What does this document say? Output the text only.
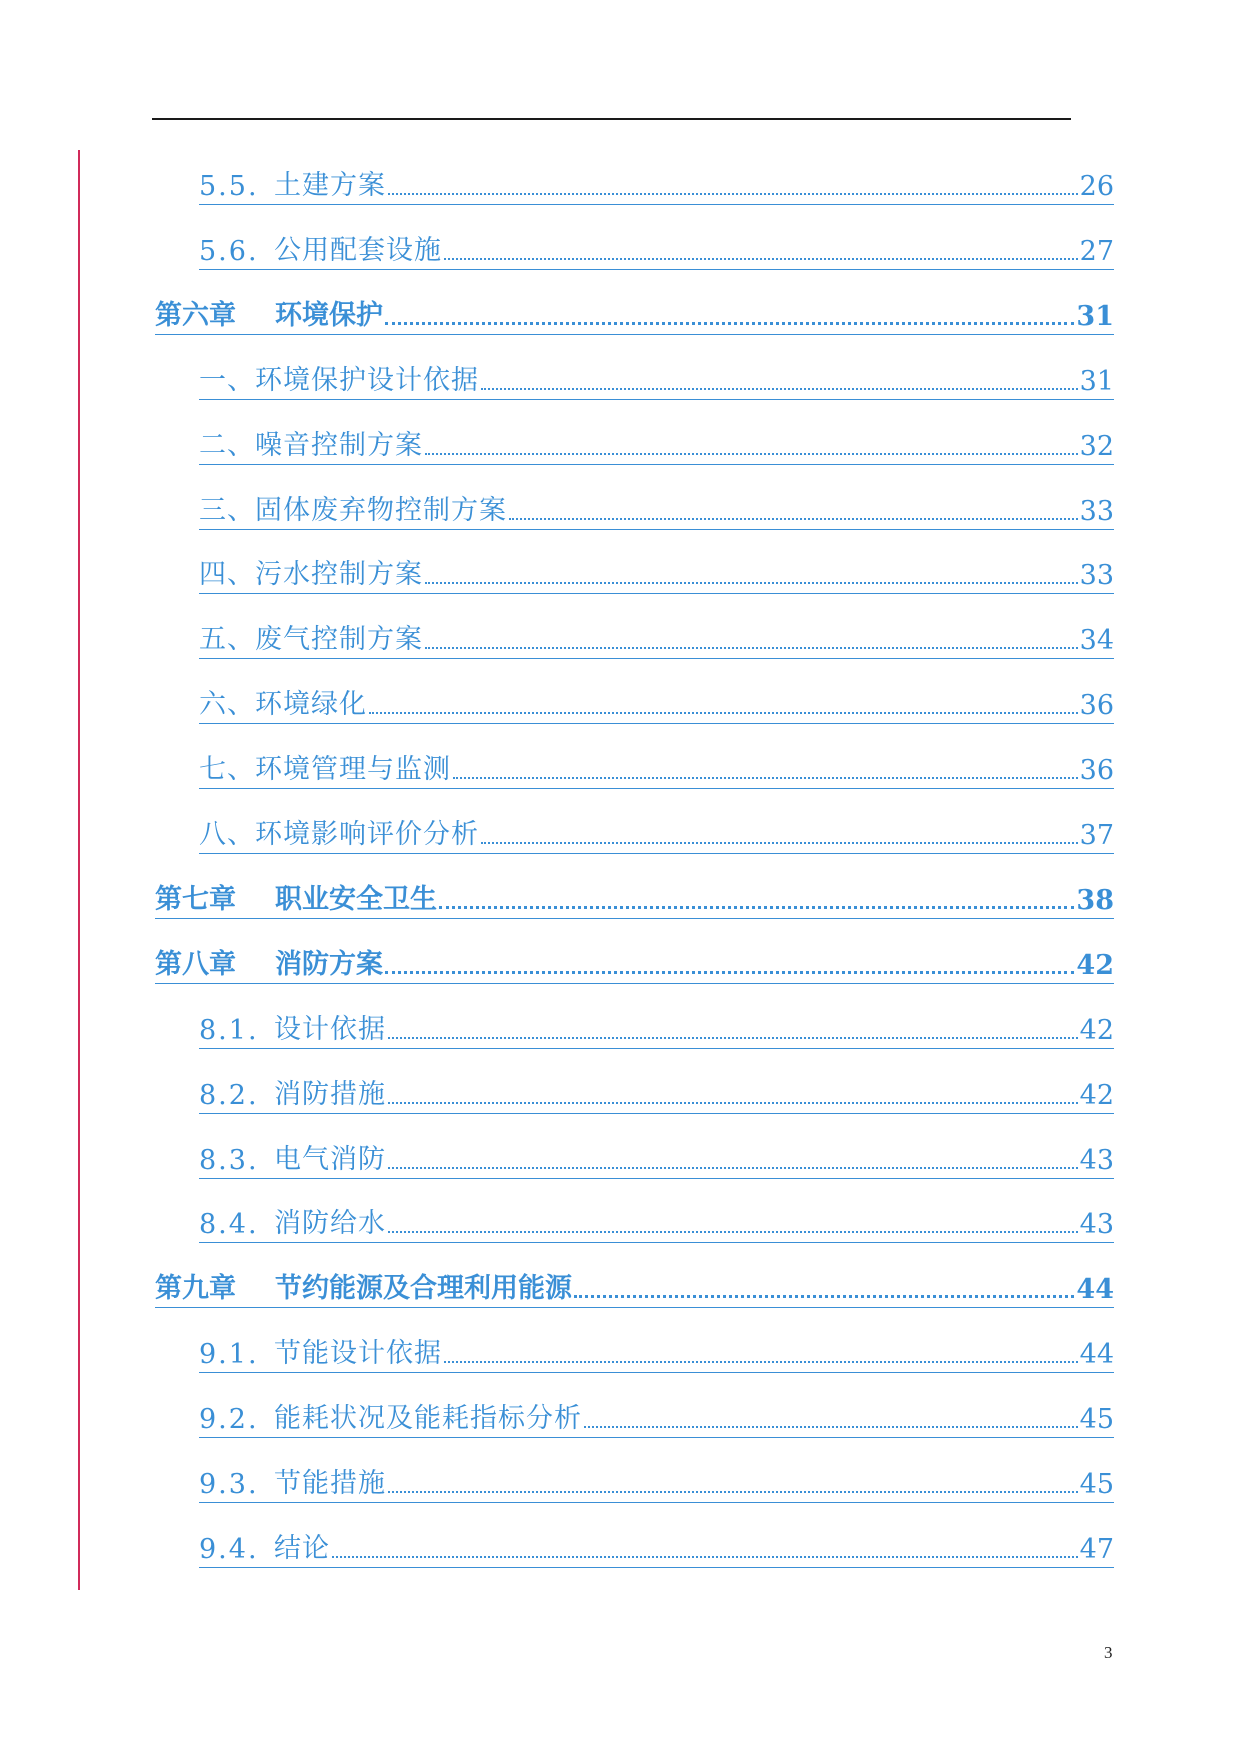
5.5. 土建方案	26
5.6. 公用配套设施	27
第六章	环境保护	31
一、环境保护设计依据	31
二、噪音控制方案	32
三、固体废弃物控制方案	33
四、污水控制方案	33
五、废气控制方案	34
六、环境绿化	36
七、环境管理与监测	36
八、环境影响评价分析	37
第七章	职业安全卫生	38
第八章	消防方案	42
8.1. 设计依据	42
8.2. 消防措施	42
8.3. 电气消防	43
8.4. 消防给水	43
第九章	节约能源及合理利用能源	44
9.1. 节能设计依据	44
9.2. 能耗状况及能耗指标分析	45
9.3. 节能措施	45
9.4. 结论	47
3
